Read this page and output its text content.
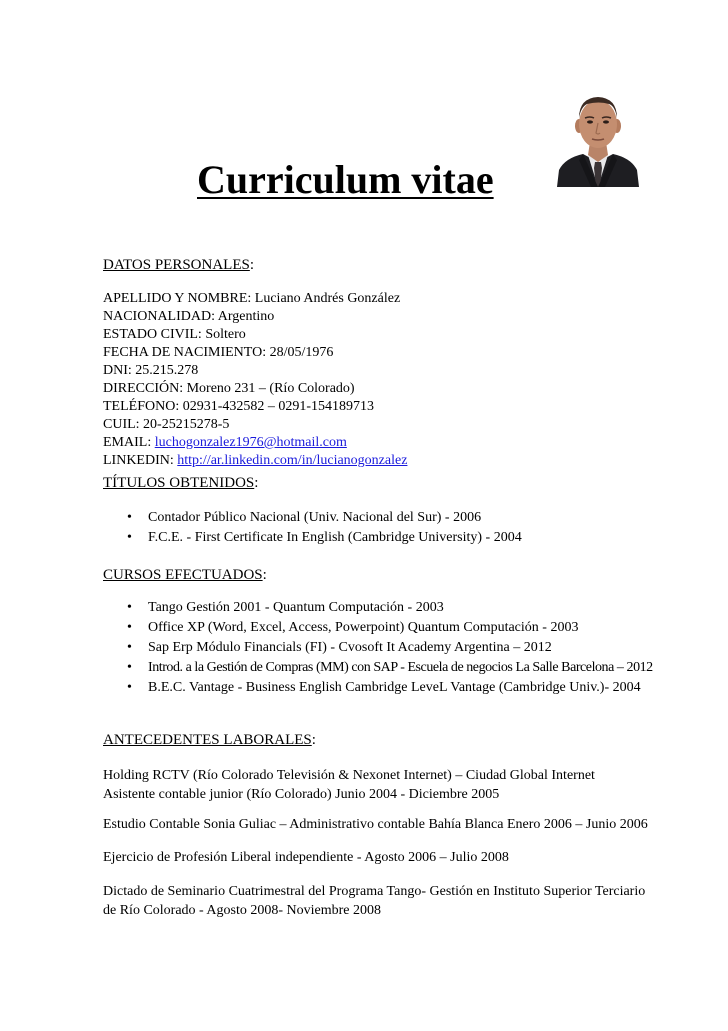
Curriculum vitae
DATOS PERSONALES:
APELLIDO Y NOMBRE: Luciano Andrés González
NACIONALIDAD: Argentino
ESTADO CIVIL: Soltero
FECHA DE NACIMIENTO: 28/05/1976
DNI: 25.215.278
DIRECCIÓN: Moreno 231 – (Río Colorado)
TELÉFONO: 02931-432582 – 0291-154189713
CUIL: 20-25215278-5
EMAIL: luchogonzalez1976@hotmail.com
LINKEDIN: http://ar.linkedin.com/in/lucianogonzalez
TÍTULOS OBTENIDOS:
• Contador Público Nacional (Univ. Nacional del Sur) - 2006
• F.C.E. - First Certificate In English (Cambridge University) - 2004
CURSOS EFECTUADOS:
• Tango Gestión 2001 - Quantum Computación - 2003
• Office XP (Word, Excel, Access, Powerpoint) Quantum Computación - 2003
• Sap Erp Módulo Financials (FI) - Cvosoft It Academy Argentina – 2012
• Introd. a la Gestión de Compras (MM) con SAP - Escuela de negocios La Salle Barcelona – 2012
• B.E.C. Vantage - Business English Cambridge LeveL Vantage (Cambridge Univ.)- 2004
ANTECEDENTES LABORALES:
Holding RCTV (Río Colorado Televisión & Nexonet Internet) – Ciudad Global Internet
Asistente contable junior (Río Colorado) Junio 2004 - Diciembre 2005
Estudio Contable Sonia Guliac – Administrativo contable Bahía Blanca Enero 2006 – Junio 2006
Ejercicio de Profesión Liberal independiente - Agosto 2006 – Julio 2008
Dictado de Seminario Cuatrimestral del Programa Tango- Gestión en Instituto Superior Terciario
de Río Colorado - Agosto 2008- Noviembre 2008
